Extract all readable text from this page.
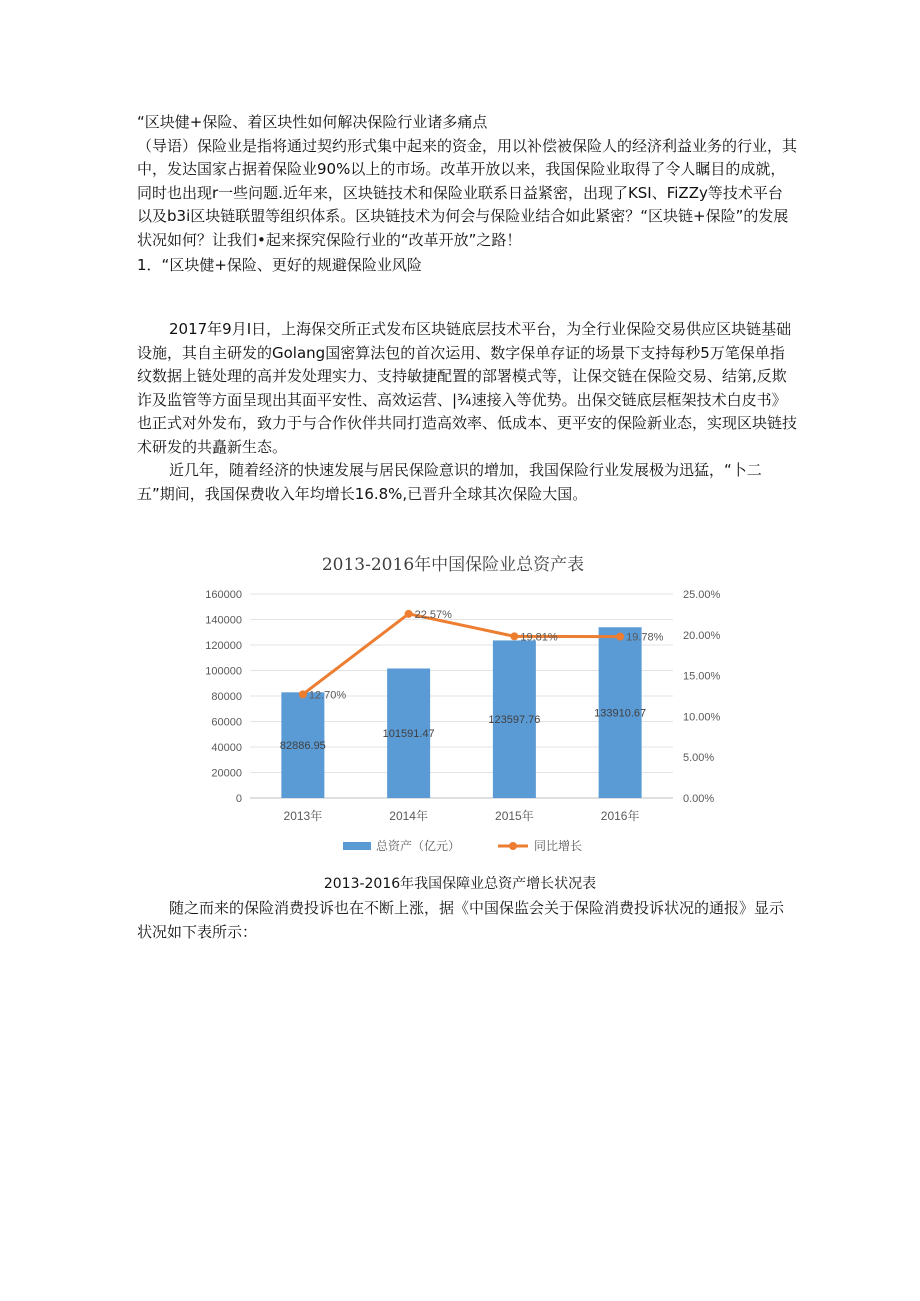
“区块健+保险、着区块性如何解决保险行业诸多痛点

（导语）保险业是指将通过契约形式集中起来的资金，用以补偿被保险人的经济利益业务的行业，其中，发达国家占据着保险业90%以上的市场。改革开放以来，我国保险业取得了令人瞩目的成就，同时也出现r一些问题.近年来，区块链技术和保险业联系日益紧密，出现了KSI、FiZZy等技术平台以及b3i区块链联盟等组织体系。区块链技术为何会与保险业结合如此紧密？“区块链+保险”的发展状况如何？让我们•起来探究保险行业的“改革开放”之路！

1．“区块健+保险、更好的规避保险业风险

2017年9月I日，上海保交所正式发布区块链底层技术平台，为全行业保险交易供应区块链基础设施，其自主研发的Golang国密算法包的首次运用、数字保单存证的场景下支持每秒5万笔保单指纹数据上链处理的高并发处理实力、支持敏捷配置的部署模式等，让保交链在保险交易、结第,反欺诈及监管等方面呈现出其面平安性、高效运营、|¾速接入等优势。出保交链底层框架技术白皮书》也正式对外发布，致力于与合作伙伴共同打造高效率、低成本、更平安的保险新业态，实现区块链技术研发的共矗新生态。

近几年，随着经济的快速发展与居民保险意识的增加，我国保险行业发展极为迅猛，“卜二五”期间，我国保费收入年均增长16.8%,已晋升全球其次保险大国。

0
20000
40000
60000
80000
100000
120000
140000
160000
0.00%
5.00%
10.00%
15.00%
20.00%
25.00%
82886.95
101591.47
123597.76
133910.67
2013年	2014年	2015年	2016年
12.70%
22.57%
19.81%	19.78%
总资产（亿元）	同比增长
2013-2016年中国保险业总资产表
2013-2016年我国保障业总资产增长状况表

随之而来的保险消费投诉也在不断上涨，据《中国保监会关于保险消费投诉状况的通报》显示状况如下表所示：
